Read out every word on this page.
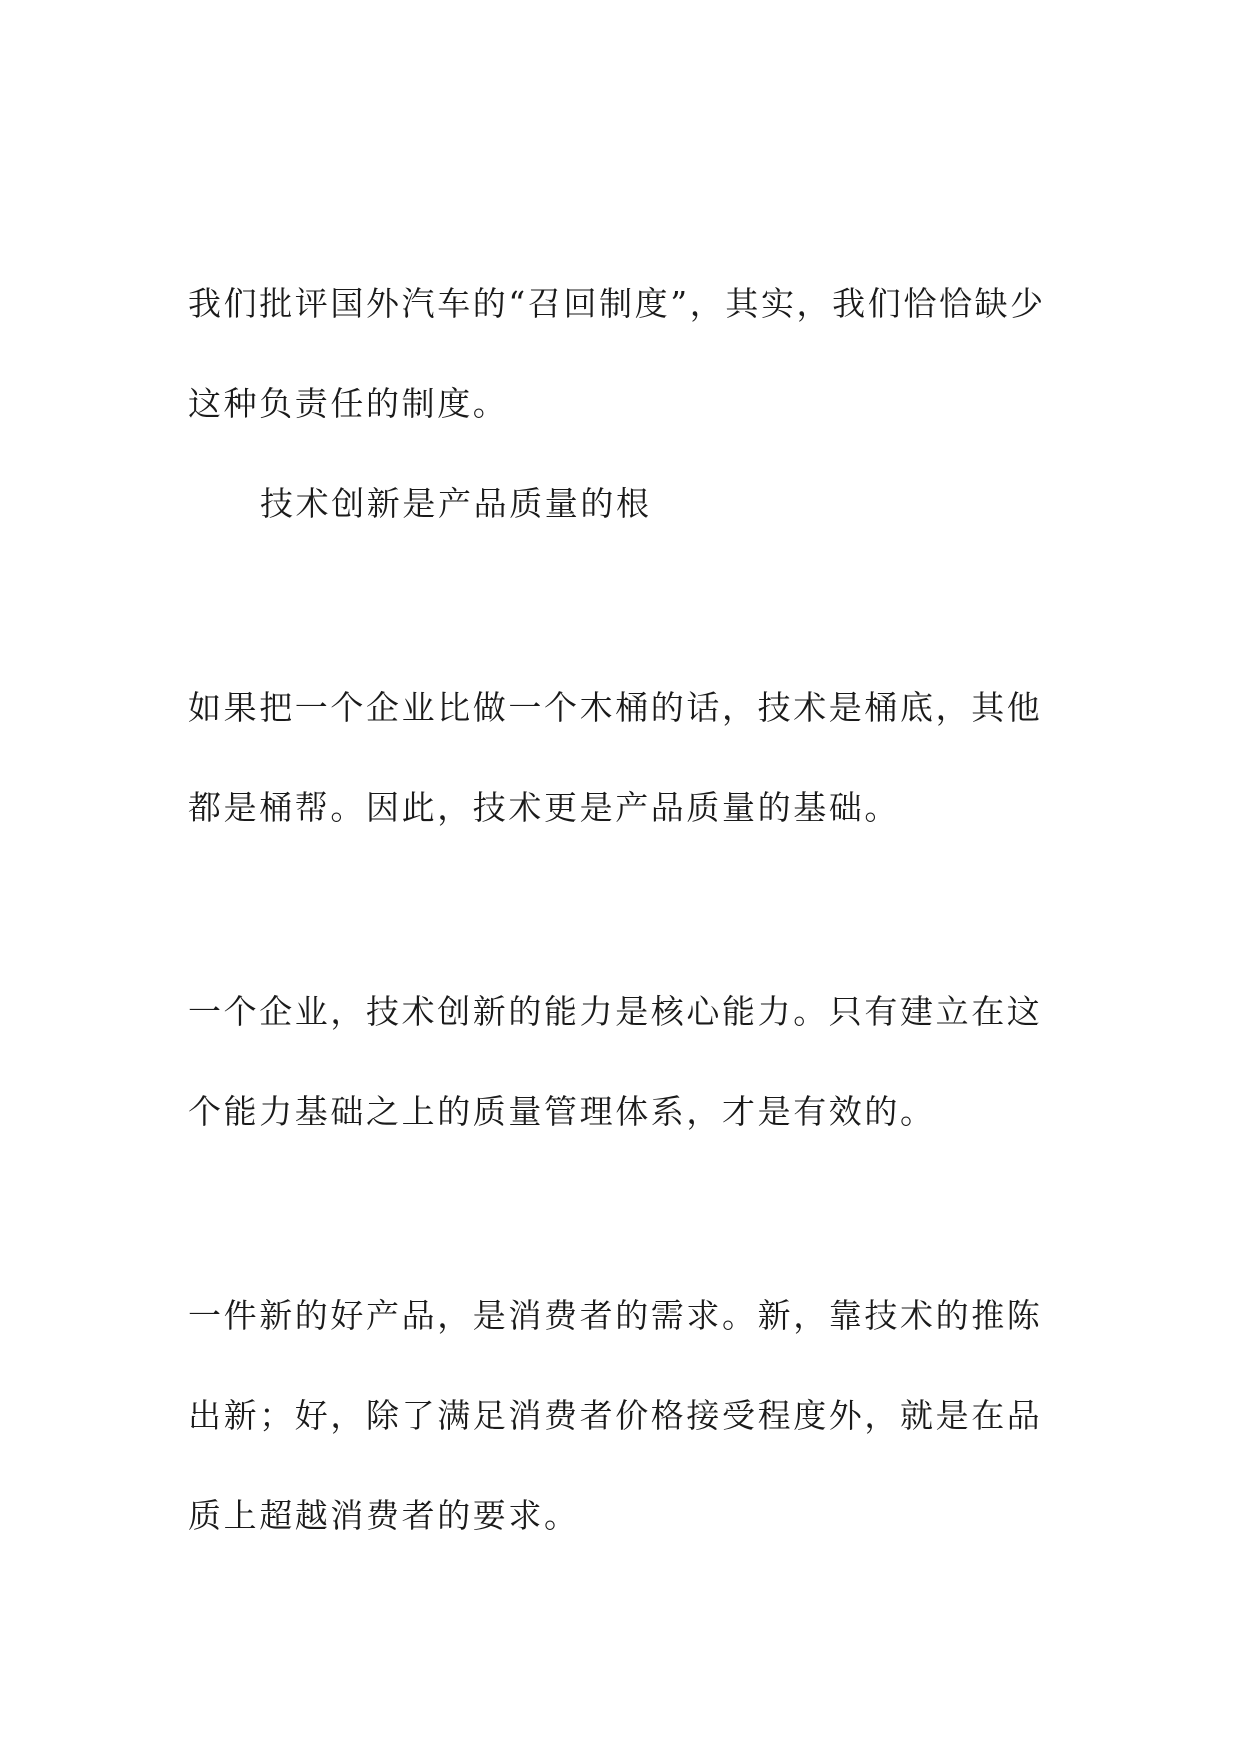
我们批评国外汽车的“召回制度”，其实，我们恰恰缺少
这种负责任的制度。
技术创新是产品质量的根
如果把一个企业比做一个木桶的话，技术是桶底，其他
都是桶帮。因此，技术更是产品质量的基础。
一个企业，技术创新的能力是核心能力。只有建立在这
个能力基础之上的质量管理体系，才是有效的。
一件新的好产品，是消费者的需求。新，靠技术的推陈
出新；好，除了满足消费者价格接受程度外，就是在品
质上超越消费者的要求。
